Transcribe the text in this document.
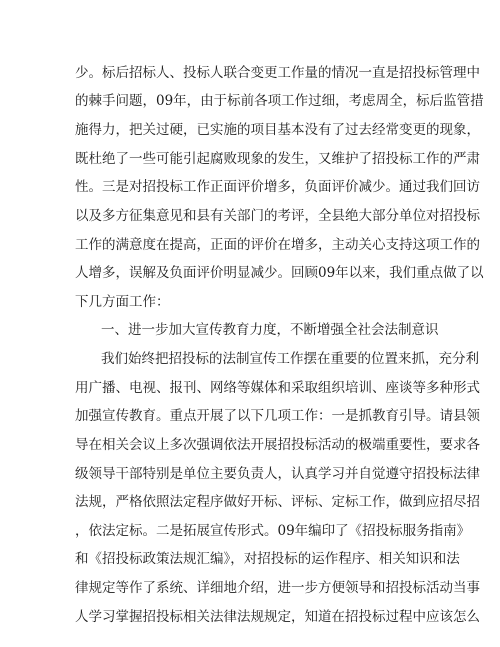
少。标后招标人、投标人联合变更工作量的情况一直是招投标管理中
的棘手问题，09年，由于标前各项工作过细，考虑周全，标后监管措
施得力，把关过硬，已实施的项目基本没有了过去经常变更的现象，
既杜绝了一些可能引起腐败现象的发生，又维护了招投标工作的严肃
性。三是对招投标工作正面评价增多，负面评价减少。通过我们回访
以及多方征集意见和县有关部门的考评，全县绝大部分单位对招投标
工作的满意度在提高，正面的评价在增多，主动关心支持这项工作的
人增多，误解及负面评价明显减少。回顾09年以来，我们重点做了以
下几方面工作：
一、进一步加大宣传教育力度，不断增强全社会法制意识
我们始终把招投标的法制宣传工作摆在重要的位置来抓，充分利
用广播、电视、报刊、网络等媒体和采取组织培训、座谈等多种形式
加强宣传教育。重点开展了以下几项工作：一是抓教育引导。请县领
导在相关会议上多次强调依法开展招投标活动的极端重要性，要求各
级领导干部特别是单位主要负责人，认真学习并自觉遵守招投标法律
法规，严格依照法定程序做好开标、评标、定标工作，做到应招尽招
，依法定标。二是拓展宣传形式。09年编印了《招投标服务指南》
和《招投标政策法规汇编》，对招投标的运作程序、相关知识和法
律规定等作了系统、详细地介绍，进一步方便领导和招投标活动当事
人学习掌握招投标相关法律法规规定，知道在招投标过程中应该怎么
